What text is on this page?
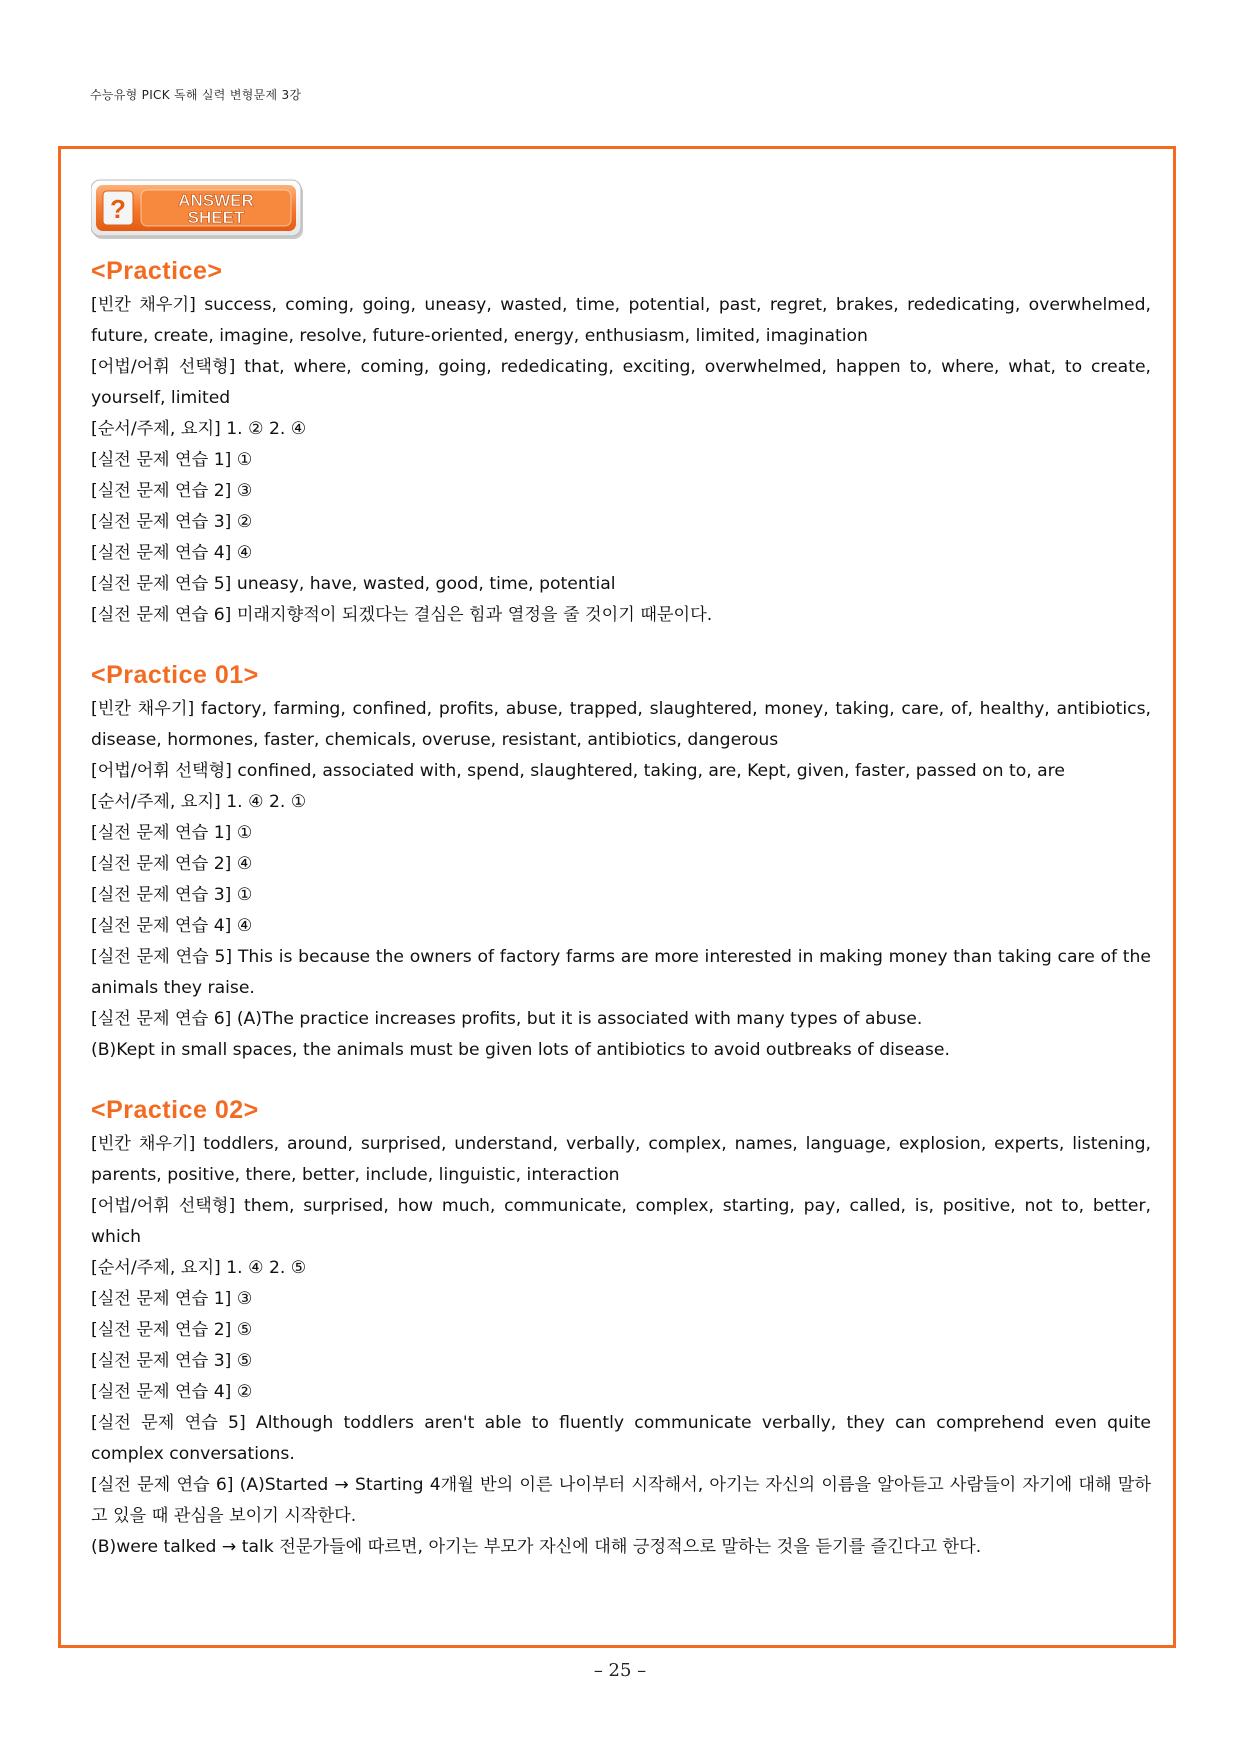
수능유형 PICK 독해 실력 변형문제 3강
?	ANSWER
SHEET
<Practice>

[빈칸 채우기] success, coming, going, uneasy, wasted, time, potential, past, regret, brakes, rededicating, overwhelmed, future, create, imagine, resolve, future-oriented, energy, enthusiasm, limited, imagination

[어법/어휘 선택형] that, where, coming, going, rededicating, exciting, overwhelmed, happen to, where, what, to create, yourself, limited

[순서/주제, 요지] 1. ② 2. ④

[실전 문제 연습 1] ①

[실전 문제 연습 2] ③

[실전 문제 연습 3] ②

[실전 문제 연습 4] ④

[실전 문제 연습 5] uneasy, have, wasted, good, time, potential

[실전 문제 연습 6] 미래지향적이 되겠다는 결심은 힘과 열정을 줄 것이기 때문이다.

<Practice 01>

[빈칸 채우기] factory, farming, confined, profits, abuse, trapped, slaughtered, money, taking, care, of, healthy, antibiotics, disease, hormones, faster, chemicals, overuse, resistant, antibiotics, dangerous

[어법/어휘 선택형] confined, associated with, spend, slaughtered, taking, are, Kept, given, faster, passed on to, are

[순서/주제, 요지] 1. ④ 2. ①

[실전 문제 연습 1] ①

[실전 문제 연습 2] ④

[실전 문제 연습 3] ①

[실전 문제 연습 4] ④

[실전 문제 연습 5] This is because the owners of factory farms are more interested in making money than taking care of the animals they raise.

[실전 문제 연습 6] (A)The practice increases profits, but it is associated with many types of abuse.

(B)Kept in small spaces, the animals must be given lots of antibiotics to avoid outbreaks of disease.

<Practice 02>

[빈칸 채우기] toddlers, around, surprised, understand, verbally, complex, names, language, explosion, experts, listening, parents, positive, there, better, include, linguistic, interaction

[어법/어휘 선택형] them, surprised, how much, communicate, complex, starting, pay, called, is, positive, not to, better, which

[순서/주제, 요지] 1. ④ 2. ⑤

[실전 문제 연습 1] ③

[실전 문제 연습 2] ⑤

[실전 문제 연습 3] ⑤

[실전 문제 연습 4] ②

[실전 문제 연습 5] Although toddlers aren't able to fluently communicate verbally, they can comprehend even quite complex conversations.

[실전 문제 연습 6] (A)Started → Starting 4개월 반의 이른 나이부터 시작해서, 아기는 자신의 이름을 알아듣고 사람들이 자기에 대해 말하고 있을 때 관심을 보이기 시작한다.

(B)were talked → talk 전문가들에 따르면, 아기는 부모가 자신에 대해 긍정적으로 말하는 것을 듣기를 즐긴다고 한다.

– 25 –
